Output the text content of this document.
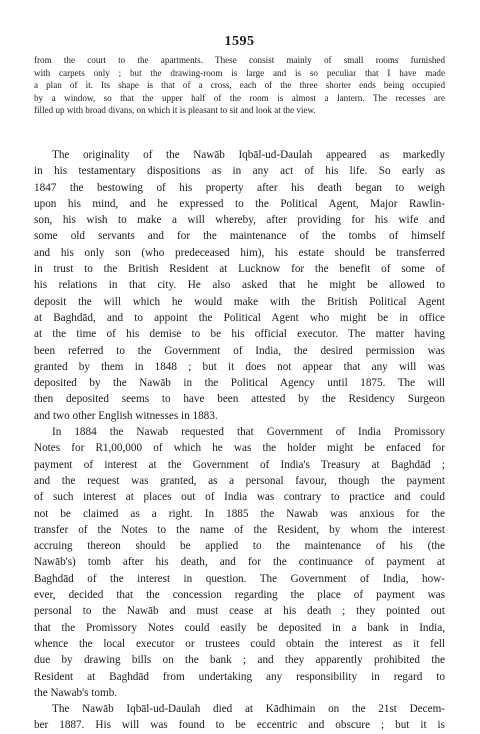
1595
from the court to the apartments. These consist mainly of small rooms furnished
with carpets only ; but the drawing-room is large and is so peculiar that I have made
a plan of it. Its shape is that of a cross, each of the three shorter ends being occupied
by a window, so that the upper half of the room is almost a lantern. The recesses are
filled up with broad divans, on which it is pleasant to sit and look at the view.
The originality of the Nawāb Iqbāl-ud-Daulah appeared as markedly
in his testamentary dispositions as in any act of his life. So early as
1847 the bestowing of his property after his death began to weigh
upon his mind, and he expressed to the Political Agent, Major Rawlin-
son, his wish to make a will whereby, after providing for his wife and
some old servants and for the maintenance of the tombs of himself
and his only son (who predeceased him), his estate should be transferred
in trust to the British Resident at Lucknow for the benefit of some of
his relations in that city. He also asked that he might be allowed to
deposit the will which he would make with the British Political Agent
at Baghdād, and to appoint the Political Agent who might be in office
at the time of his demise to be his official executor. The matter having
been referred to the Government of India, the desired permission was
granted by them in 1848 ; but it does not appear that any will was
deposited by the Nawāb in the Political Agency until 1875. The will
then deposited seems to have been attested by the Residency Surgeon
and two other English witnesses in 1883.
In 1884 the Nawab requested that Government of India Promissory
Notes for R1,00,000 of which he was the holder might be enfaced for
payment of interest at the Government of India's Treasury at Baghdād ;
and the request was granted, as a personal favour, though the payment
of such interest at places out of India was contrary to practice and could
not be claimed as a right. In 1885 the Nawab was anxious for the
transfer of the Notes to the name of the Resident, by whom the interest
accruing thereon should be applied to the maintenance of his (the
Nawāb's) tomb after his death, and for the continuance of payment at
Baghdād of the interest in question. The Government of India, how-
ever, decided that the concession regarding the place of payment was
personal to the Nawāb and must cease at his death ; they pointed out
that the Promissory Notes could easily be deposited in a bank in India,
whence the local executor or trustees could obtain the interest as it fell
due by drawing bills on the bank ; and they apparently prohibited the
Resident at Baghdād from undertaking any responsibility in regard to
the Nawab's tomb.
The Nawāb Iqbāl-ud-Daulah died at Kādhimain on the 21st Decem-
ber 1887. His will was found to be eccentric and obscure ; but it is
